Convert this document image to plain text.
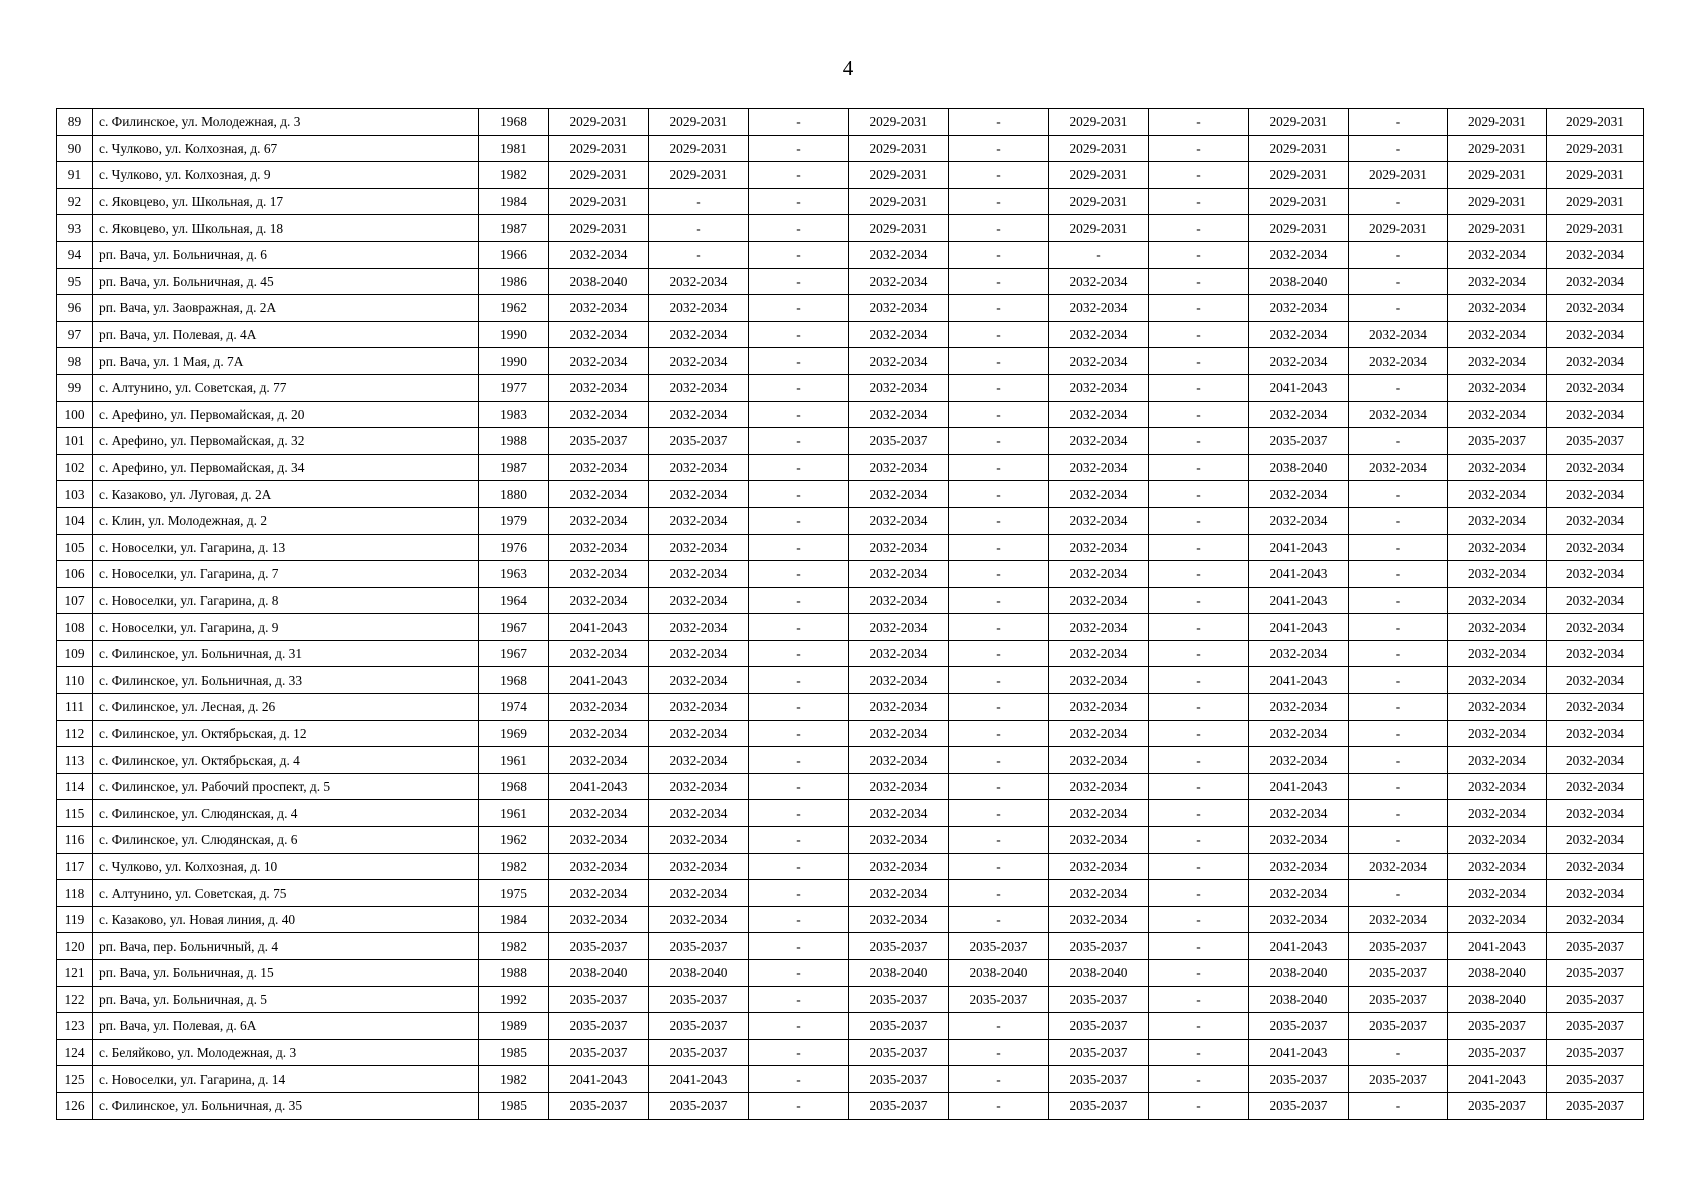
4
89	с. Филинское, ул. Молодежная, д. 3	1968	2029-2031	2029-2031	-	2029-2031	-	2029-2031	-	2029-2031	-	2029-2031	2029-2031
90	с. Чулково, ул. Колхозная, д. 67	1981	2029-2031	2029-2031	-	2029-2031	-	2029-2031	-	2029-2031	-	2029-2031	2029-2031
91	с. Чулково, ул. Колхозная, д. 9	1982	2029-2031	2029-2031	-	2029-2031	-	2029-2031	-	2029-2031	2029-2031	2029-2031	2029-2031
92	с. Яковцево, ул. Школьная, д. 17	1984	2029-2031	-	-	2029-2031	-	2029-2031	-	2029-2031	-	2029-2031	2029-2031
93	с. Яковцево, ул. Школьная, д. 18	1987	2029-2031	-	-	2029-2031	-	2029-2031	-	2029-2031	2029-2031	2029-2031	2029-2031
94	рп. Вача, ул. Больничная, д. 6	1966	2032-2034	-	-	2032-2034	-	-	-	2032-2034	-	2032-2034	2032-2034
95	рп. Вача, ул. Больничная, д. 45	1986	2038-2040	2032-2034	-	2032-2034	-	2032-2034	-	2038-2040	-	2032-2034	2032-2034
96	рп. Вача, ул. Заовражная, д. 2А	1962	2032-2034	2032-2034	-	2032-2034	-	2032-2034	-	2032-2034	-	2032-2034	2032-2034
97	рп. Вача, ул. Полевая, д. 4А	1990	2032-2034	2032-2034	-	2032-2034	-	2032-2034	-	2032-2034	2032-2034	2032-2034	2032-2034
98	рп. Вача, ул. 1 Мая, д. 7А	1990	2032-2034	2032-2034	-	2032-2034	-	2032-2034	-	2032-2034	2032-2034	2032-2034	2032-2034
99	с. Алтунино, ул. Советская, д. 77	1977	2032-2034	2032-2034	-	2032-2034	-	2032-2034	-	2041-2043	-	2032-2034	2032-2034
100	с. Арефино, ул. Первомайская, д. 20	1983	2032-2034	2032-2034	-	2032-2034	-	2032-2034	-	2032-2034	2032-2034	2032-2034	2032-2034
101	с. Арефино, ул. Первомайская, д. 32	1988	2035-2037	2035-2037	-	2035-2037	-	2032-2034	-	2035-2037	-	2035-2037	2035-2037
102	с. Арефино, ул. Первомайская, д. 34	1987	2032-2034	2032-2034	-	2032-2034	-	2032-2034	-	2038-2040	2032-2034	2032-2034	2032-2034
103	с. Казаково, ул. Луговая, д. 2А	1880	2032-2034	2032-2034	-	2032-2034	-	2032-2034	-	2032-2034	-	2032-2034	2032-2034
104	с. Клин, ул. Молодежная, д. 2	1979	2032-2034	2032-2034	-	2032-2034	-	2032-2034	-	2032-2034	-	2032-2034	2032-2034
105	с. Новоселки, ул. Гагарина, д. 13	1976	2032-2034	2032-2034	-	2032-2034	-	2032-2034	-	2041-2043	-	2032-2034	2032-2034
106	с. Новоселки, ул. Гагарина, д. 7	1963	2032-2034	2032-2034	-	2032-2034	-	2032-2034	-	2041-2043	-	2032-2034	2032-2034
107	с. Новоселки, ул. Гагарина, д. 8	1964	2032-2034	2032-2034	-	2032-2034	-	2032-2034	-	2041-2043	-	2032-2034	2032-2034
108	с. Новоселки, ул. Гагарина, д. 9	1967	2041-2043	2032-2034	-	2032-2034	-	2032-2034	-	2041-2043	-	2032-2034	2032-2034
109	с. Филинское, ул. Больничная, д. 31	1967	2032-2034	2032-2034	-	2032-2034	-	2032-2034	-	2032-2034	-	2032-2034	2032-2034
110	с. Филинское, ул. Больничная, д. 33	1968	2041-2043	2032-2034	-	2032-2034	-	2032-2034	-	2041-2043	-	2032-2034	2032-2034
111	с. Филинское, ул. Лесная, д. 26	1974	2032-2034	2032-2034	-	2032-2034	-	2032-2034	-	2032-2034	-	2032-2034	2032-2034
112	с. Филинское, ул. Октябрьская, д. 12	1969	2032-2034	2032-2034	-	2032-2034	-	2032-2034	-	2032-2034	-	2032-2034	2032-2034
113	с. Филинское, ул. Октябрьская, д. 4	1961	2032-2034	2032-2034	-	2032-2034	-	2032-2034	-	2032-2034	-	2032-2034	2032-2034
114	с. Филинское, ул. Рабочий проспект, д. 5	1968	2041-2043	2032-2034	-	2032-2034	-	2032-2034	-	2041-2043	-	2032-2034	2032-2034
115	с. Филинское, ул. Слюдянская, д. 4	1961	2032-2034	2032-2034	-	2032-2034	-	2032-2034	-	2032-2034	-	2032-2034	2032-2034
116	с. Филинское, ул. Слюдянская, д. 6	1962	2032-2034	2032-2034	-	2032-2034	-	2032-2034	-	2032-2034	-	2032-2034	2032-2034
117	с. Чулково, ул. Колхозная, д. 10	1982	2032-2034	2032-2034	-	2032-2034	-	2032-2034	-	2032-2034	2032-2034	2032-2034	2032-2034
118	с. Алтунино, ул. Советская, д. 75	1975	2032-2034	2032-2034	-	2032-2034	-	2032-2034	-	2032-2034	-	2032-2034	2032-2034
119	с. Казаково, ул. Новая линия, д. 40	1984	2032-2034	2032-2034	-	2032-2034	-	2032-2034	-	2032-2034	2032-2034	2032-2034	2032-2034
120	рп. Вача, пер. Больничный, д. 4	1982	2035-2037	2035-2037	-	2035-2037	2035-2037	2035-2037	-	2041-2043	2035-2037	2041-2043	2035-2037
121	рп. Вача, ул. Больничная, д. 15	1988	2038-2040	2038-2040	-	2038-2040	2038-2040	2038-2040	-	2038-2040	2035-2037	2038-2040	2035-2037
122	рп. Вача, ул. Больничная, д. 5	1992	2035-2037	2035-2037	-	2035-2037	2035-2037	2035-2037	-	2038-2040	2035-2037	2038-2040	2035-2037
123	рп. Вача, ул. Полевая, д. 6А	1989	2035-2037	2035-2037	-	2035-2037	-	2035-2037	-	2035-2037	2035-2037	2035-2037	2035-2037
124	с. Беляйково, ул. Молодежная, д. 3	1985	2035-2037	2035-2037	-	2035-2037	-	2035-2037	-	2041-2043	-	2035-2037	2035-2037
125	с. Новоселки, ул. Гагарина, д. 14	1982	2041-2043	2041-2043	-	2035-2037	-	2035-2037	-	2035-2037	2035-2037	2041-2043	2035-2037
126	с. Филинское, ул. Больничная, д. 35	1985	2035-2037	2035-2037	-	2035-2037	-	2035-2037	-	2035-2037	-	2035-2037	2035-2037
